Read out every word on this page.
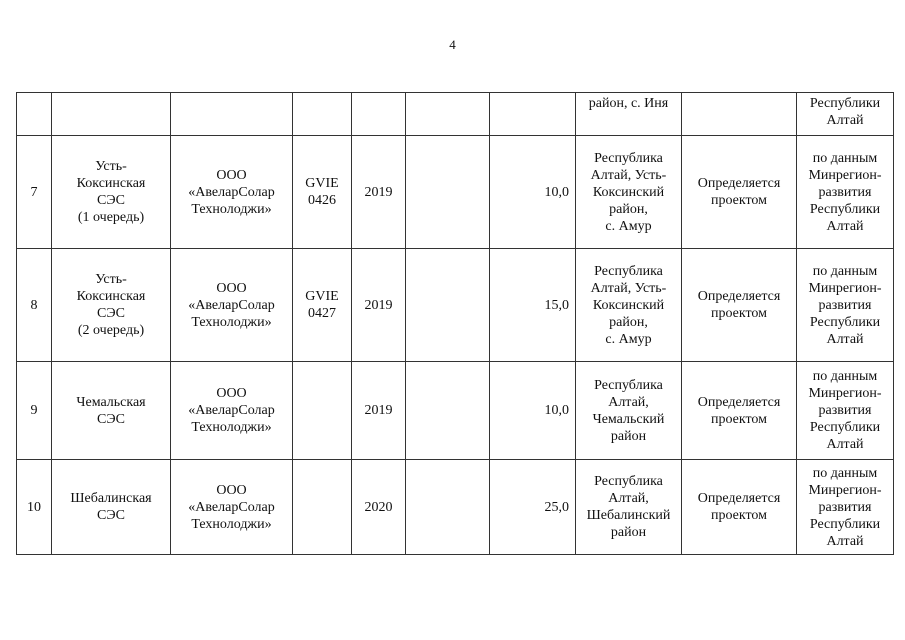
4
							район, с. Иня		Республики
Алтай
7	Усть-
Коксинская
СЭС
(1 очередь)	ООО
«АвеларСолар
Технолоджи»	GVIE
0426	2019		10,0	Республика
Алтай, Усть-
Коксинский
район,
с. Амур	Определяется
проектом	по данным
Минрегион-
развития
Республики
Алтай
8	Усть-
Коксинская
СЭС
(2 очередь)	ООО
«АвеларСолар
Технолоджи»	GVIE
0427	2019		15,0	Республика
Алтай, Усть-
Коксинский
район,
с. Амур	Определяется
проектом	по данным
Минрегион-
развития
Республики
Алтай
9	Чемальская
СЭС	ООО
«АвеларСолар
Технолоджи»		2019		10,0	Республика
Алтай,
Чемальский
район	Определяется
проектом	по данным
Минрегион-
развития
Республики
Алтай
10	Шебалинская
СЭС	ООО
«АвеларСолар
Технолоджи»		2020		25,0	Республика
Алтай,
Шебалинский
район	Определяется
проектом	по данным
Минрегион-
развития
Республики
Алтай
